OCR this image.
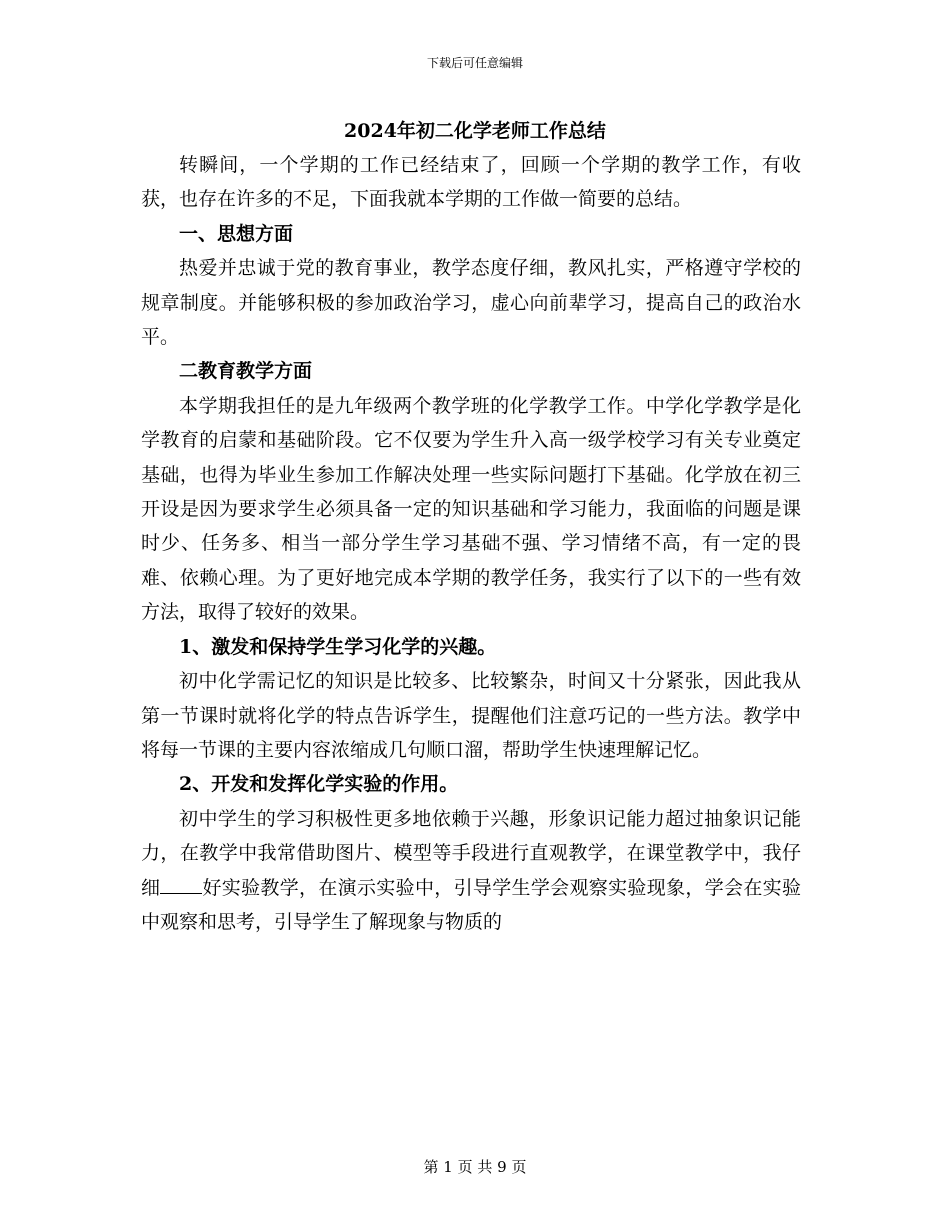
下载后可任意编辑
2024年初二化学老师工作总结

转瞬间，一个学期的工作已经结束了，回顾一个学期的教学工作，有收获，也存在许多的不足，下面我就本学期的工作做一简要的总结。

一、思想方面

热爱并忠诚于党的教育事业，教学态度仔细，教风扎实，严格遵守学校的规章制度。并能够积极的参加政治学习，虚心向前辈学习，提高自己的政治水平。

二教育教学方面

本学期我担任的是九年级两个教学班的化学教学工作。中学化学教学是化学教育的启蒙和基础阶段。它不仅要为学生升入高一级学校学习有关专业奠定基础，也得为毕业生参加工作解决处理一些实际问题打下基础。化学放在初三开设是因为要求学生必须具备一定的知识基础和学习能力，我面临的问题是课时少、任务多、相当一部分学生学习基础不强、学习情绪不高，有一定的畏难、依赖心理。为了更好地完成本学期的教学任务，我实行了以下的一些有效方法，取得了较好的效果。

1、激发和保持学生学习化学的兴趣。

初中化学需记忆的知识是比较多、比较繁杂，时间又十分紧张，因此我从第一节课时就将化学的特点告诉学生，提醒他们注意巧记的一些方法。教学中将每一节课的主要内容浓缩成几句顺口溜，帮助学生快速理解记忆。

2、开发和发挥化学实验的作用。

初中学生的学习积极性更多地依赖于兴趣，形象识记能力超过抽象识记能力，在教学中我常借助图片、模型等手段进行直观教学，在课堂教学中，我仔细 好实验教学，在演示实验中，引导学生学会观察实验现象，学会在实验中观察和思考，引导学生了解现象与物质的

第 1 页 共 9 页
